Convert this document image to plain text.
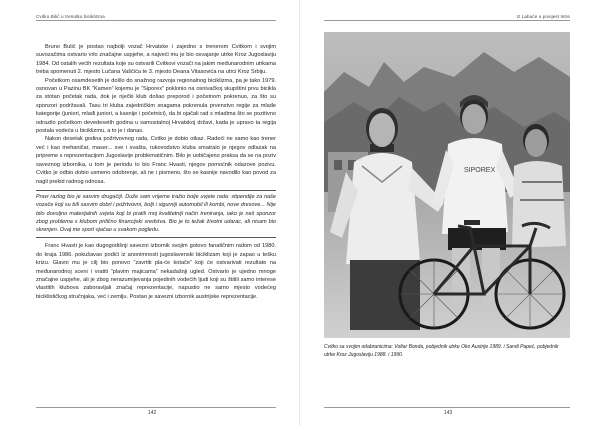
Cvitko Bilić u trenutku biciklizma

Bruno Bulić je postao najbolji vozač Hrvatske i zajedno s trenerom Cvitkom i svojim suvozačima ostvario vrlo značajne uspjehe, a najveći mu je bio osvajanje utrke Kroz Jugoslaviju 1984. Od ostalih većih rezultata koje su ostvarili Cvitkovi vozači na jakim međunarodnim utrkama treba spomenuti 2. mjesto Lučana Vaščića te 3. mjesto Deana Vitasovića na utrci Kroz Srbiju.

Početkom osamdesetih je došlo do snažnog razvoja regionalnog biciklizma, pa je tako 1979. osnovan u Pazinu BK “Kamen” kojemu je “Siporex” poklonio na osnivačkoj skupštini prvu bicikla za stotan početak rada, dok je riječki klub došao preporod i početnom pokrenuo, za što su sponzori podržavali. Tasu tri kluba zajedničkim snagama pokrenula prvenstvo regije za mlađe kategorije (juniori, mlađi juniori, a kasnije i početnici), da bi ojačali rad s mladima što se pozitivno odrazilo početkom devedesetih godina u samostalnoj Hrvatskoj državi, kada je upravo ta regija postala vodeća u biciklizmu, a to je i danas.

Nakon desetak godina požrtvovnog rada, Cvitko je dobio otkaz. Radeći ne samo kao trener već i kao mehaničar, maser... sve i svašta, rukovodstvo kluba smatralo je njegov odlazak na pripreme s reprezentacijom Jugoslavije problematičnim. Bilo je uobičajeno praksa da se na poziv saveznog izbornika, u tom je periodu to bio Franc Hvasti, njegov pomoćnik odazove pozivu. Cvitko je odbio dobio usmeno odobrenje, ali ne i pismeno, što se kasnije navodilo kao povod za nagli prekid radnog odnosa.

Pravi razlog bio je sasvim drugačiji. Duže sam vrijeme tražio bolje uvjete rada: stipendije za naše vozače koji su bili sasvim dobri i požrtvovni, bolji i sigurniji automobil ili kombi, nove dresove... Nije bilo dovoljno materijalnih uvjeta koji bi pratili moj kvalitetniji način treniranja, iako je naš sponzor zbog problema s klubom prilično financijski sredstva. Bio je to težak životni udarac, ali nisam bio skrenjen. Ovaj me sport ojačao u svakom pogledu.

Franc Hvasti je kao dugogodišnji savezni izbornik svojim gotovo fanatičnim radom od 1980. do kraja 1986. pokušavao podići iz anonimnosti jugoslavenski biciklizam koji je zapao u tešku krizu. Glavni mu je cilj bio ponovo “zavrtiti pla-će kotače” koji će ostvarivati rezultate na međunarodnoj sceni i vratiti “plavim majicama” nekadašnji ugled. Ostvario je ujedno mnoge značajne uspjehe, ali je zbog nerazumijevanja pojedinih vodećih ljudi koji su štitili samo interese vlastitih klubova zaboravljali značaj reprezentacije, napustio ne samo mjesto vodećeg biciklističkog stručnjaka, već i zemlju. Postao je savezni izbornik austrijske reprezentacije.

142
Iz Labuće u povijest Istre
SIPOREX
Cvitko sa svojim odabranicima: Voltar Bonda, pobjednik utrke Oko Austrije 1989. i Sandi Papeć, pobjednik utrke Kroz Jugoslaviju 1988. i 1990.
143
